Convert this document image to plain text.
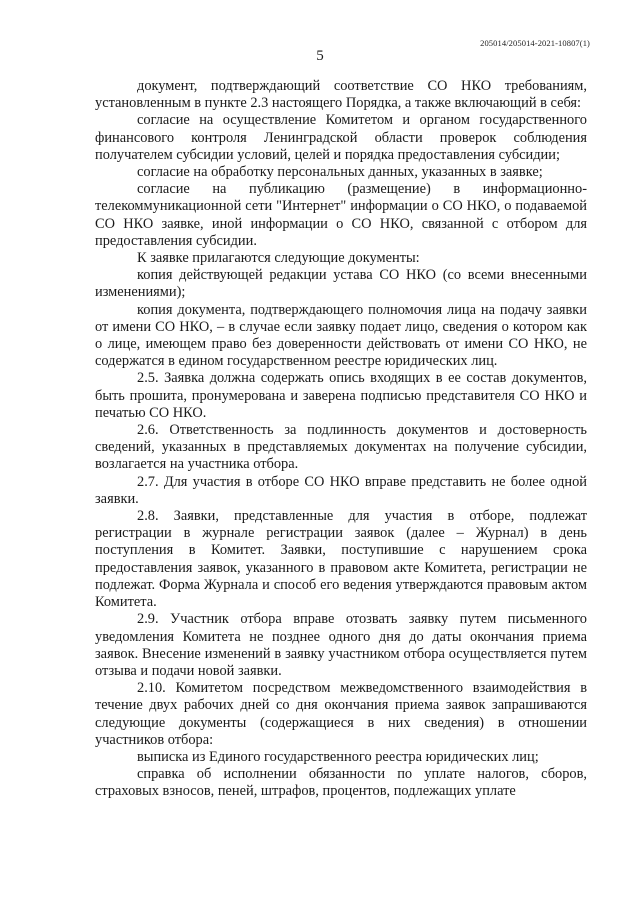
205014/205014-2021-10807(1)
5

документ, подтверждающий соответствие СО НКО требованиям, установленным в пункте 2.3 настоящего Порядка, а также включающий в себя:

согласие на осуществление Комитетом и органом государственного финансового контроля Ленинградской области проверок соблюдения получателем субсидии условий, целей и порядка предоставления субсидии;

согласие на обработку персональных данных, указанных в заявке;

согласие на публикацию (размещение) в информационно-телекоммуникационной сети "Интернет" информации о СО НКО, о подаваемой СО НКО заявке, иной информации о СО НКО, связанной с отбором для предоставления субсидии.

К заявке прилагаются следующие документы:

копия действующей редакции устава СО НКО (со всеми внесенными изменениями);

копия документа, подтверждающего полномочия лица на подачу заявки от имени СО НКО, – в случае если заявку подает лицо, сведения о котором как о лице, имеющем право без доверенности действовать от имени СО НКО, не содержатся в едином государственном реестре юридических лиц.

2.5. Заявка должна содержать опись входящих в ее состав документов, быть прошита, пронумерована и заверена подписью представителя СО НКО и печатью СО НКО.

2.6. Ответственность за подлинность документов и достоверность сведений, указанных в представляемых документах на получение субсидии, возлагается на участника отбора.

2.7. Для участия в отборе СО НКО вправе представить не более одной заявки.

2.8. Заявки, представленные для участия в отборе, подлежат регистрации в журнале регистрации заявок (далее – Журнал) в день поступления в Комитет. Заявки, поступившие с нарушением срока предоставления заявок, указанного в правовом акте Комитета, регистрации не подлежат. Форма Журнала и способ его ведения утверждаются правовым актом Комитета.

2.9. Участник отбора вправе отозвать заявку путем письменного уведомления Комитета не позднее одного дня до даты окончания приема заявок. Внесение изменений в заявку участником отбора осуществляется путем отзыва и подачи новой заявки.

2.10. Комитетом посредством межведомственного взаимодействия в течение двух рабочих дней со дня окончания приема заявок запрашиваются следующие документы (содержащиеся в них сведения) в отношении участников отбора:

выписка из Единого государственного реестра юридических лиц;

справка об исполнении обязанности по уплате налогов, сборов, страховых взносов, пеней, штрафов, процентов, подлежащих уплате
